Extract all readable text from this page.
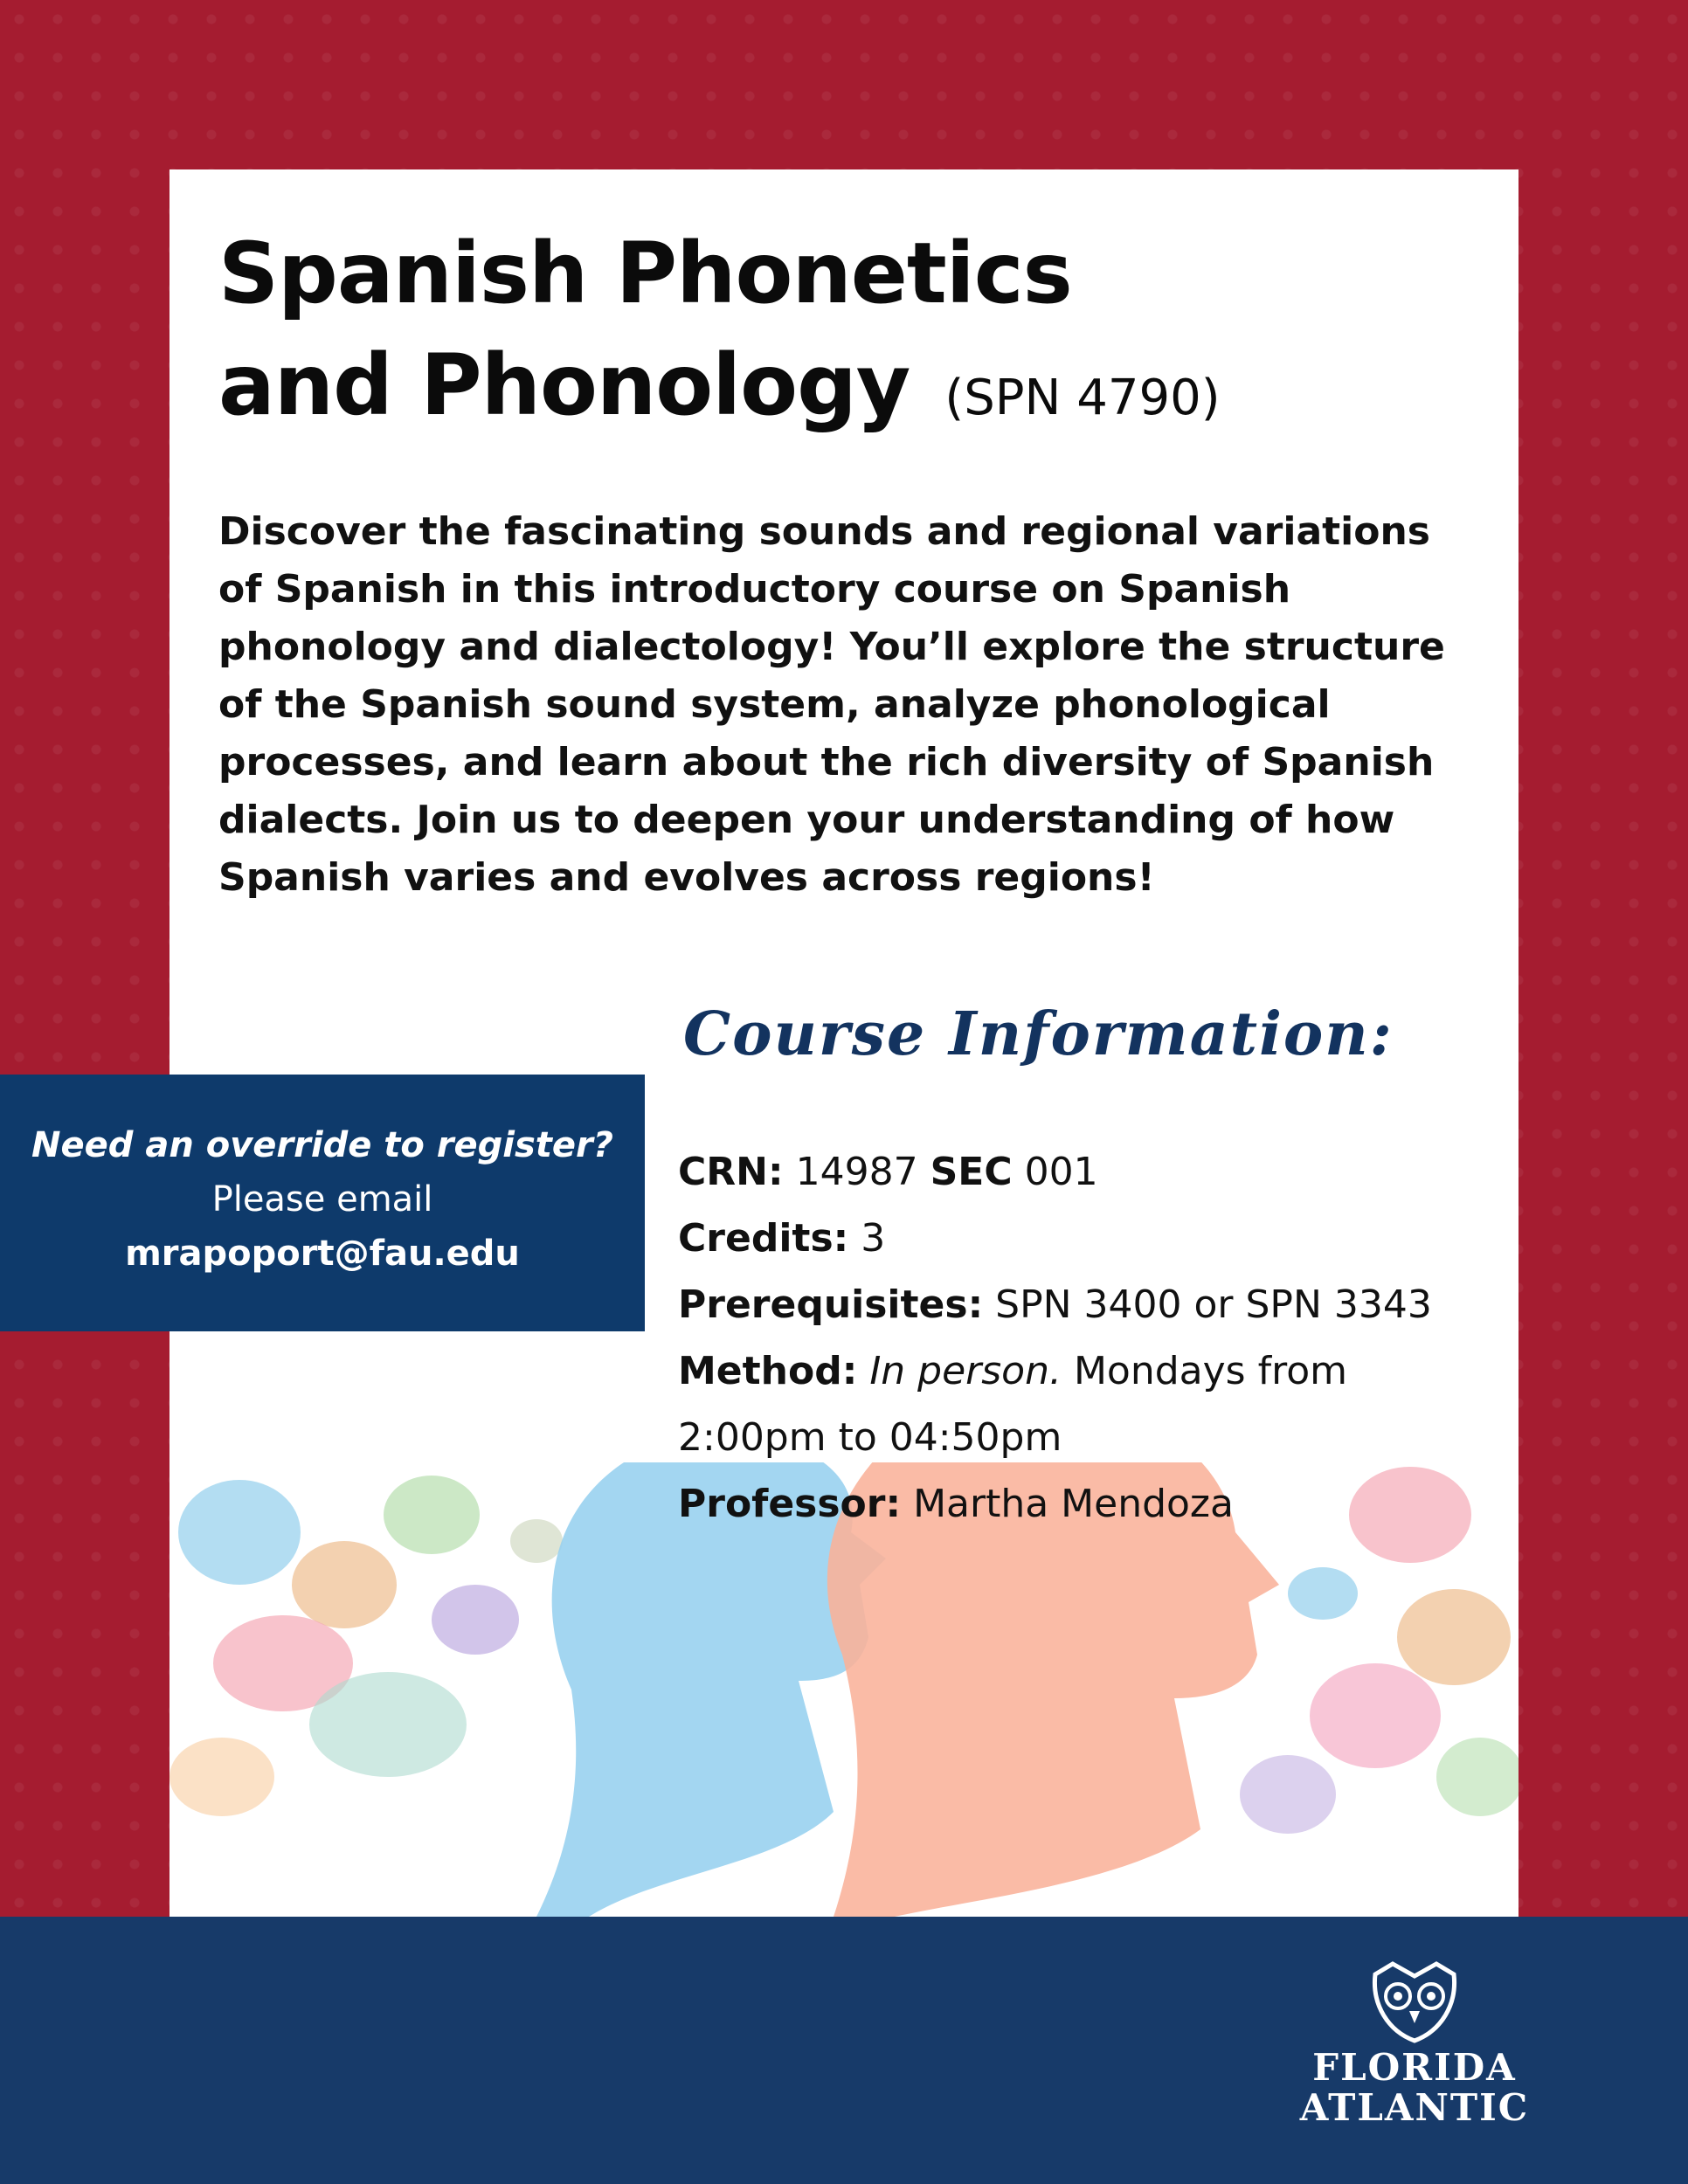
Spanish Phonetics
and Phonology (SPN 4790)

Discover the fascinating sounds and regional variations of Spanish in this introductory course on Spanish phonology and dialectology! You’ll explore the structure of the Spanish sound system, analyze phonological processes, and learn about the rich diversity of Spanish dialects. Join us to deepen your understanding of how Spanish varies and evolves across regions!

Course Information:

CRN: 14987 SEC 001

Credits: 3

Prerequisites: SPN 3400 or SPN 3343

Method: In person. Mondays from

2:00pm to 04:50pm

Professor: Martha Mendoza

Need an override to register?

Please email

mrapoport@fau.edu

FLORIDA

ATLANTIC
